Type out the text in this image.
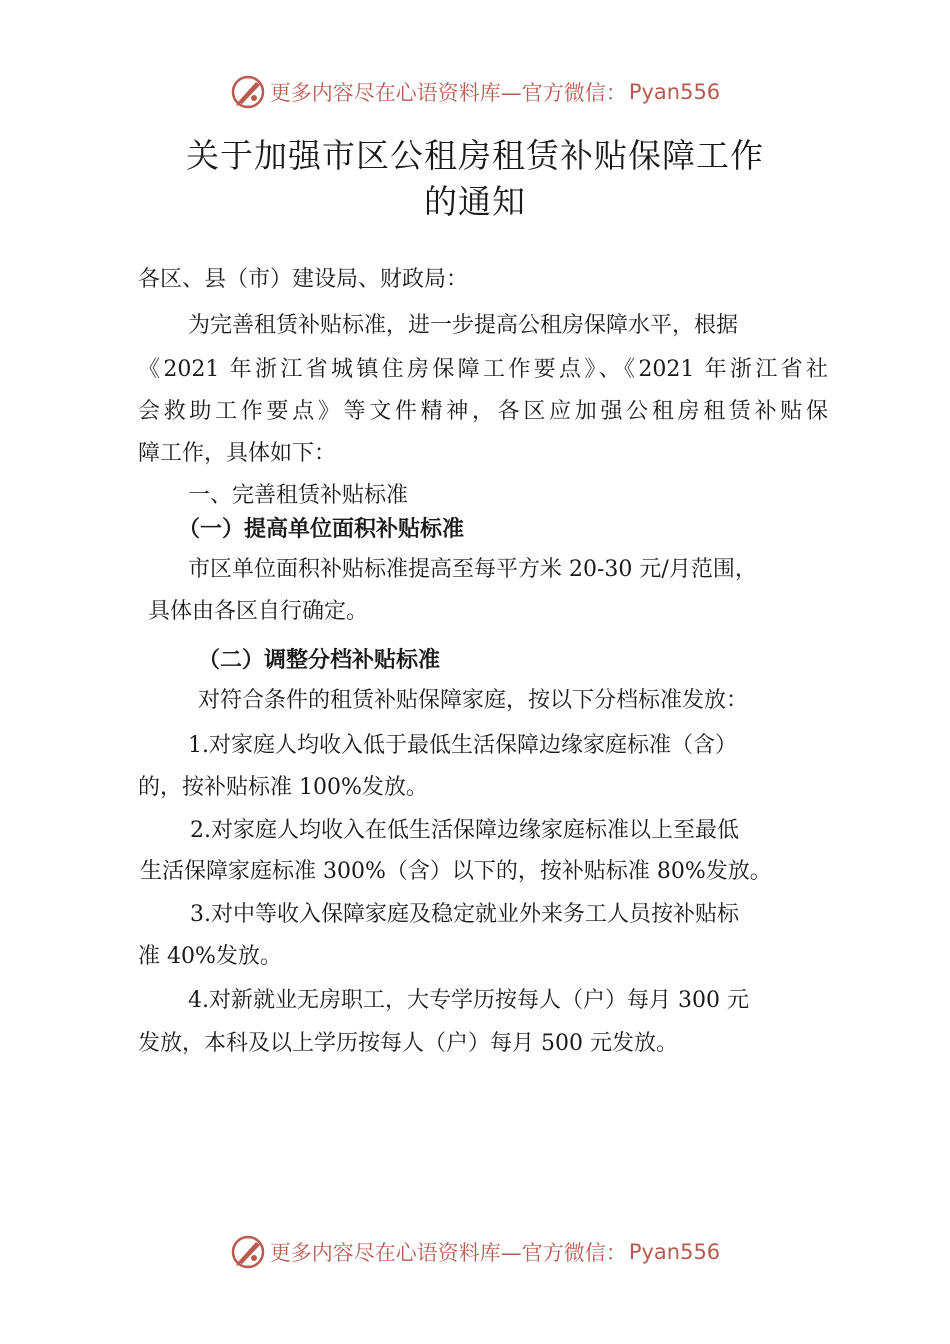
更多内容尽在心语资料库—官方微信： Pyan556
关于加强市区公租房租赁补贴保障工作
的通知
各区、县（市）建设局、财政局：
为完善租赁补贴标准，进一步提高公租房保障水平，根据
《2021 年浙江省城镇住房保障工作要点》、《2021 年浙江省社
会救助工作要点》等文件精神，各区应加强公租房租赁补贴保
障工作，具体如下：
一、完善租赁补贴标准
（一）提高单位面积补贴标准
市区单位面积补贴标准提高至每平方米 20-30 元/月范围，
具体由各区自行确定。
（二）调整分档补贴标准
对符合条件的租赁补贴保障家庭，按以下分档标准发放：
1.对家庭人均收入低于最低生活保障边缘家庭标准（含）
的，按补贴标准 100%发放。
2.对家庭人均收入在低生活保障边缘家庭标准以上至最低
生活保障家庭标准 300%（含）以下的，按补贴标准 80%发放。
3.对中等收入保障家庭及稳定就业外来务工人员按补贴标
准 40%发放。
4.对新就业无房职工，大专学历按每人（户）每月 300 元
发放，本科及以上学历按每人（户）每月 500 元发放。
更多内容尽在心语资料库—官方微信： Pyan556
